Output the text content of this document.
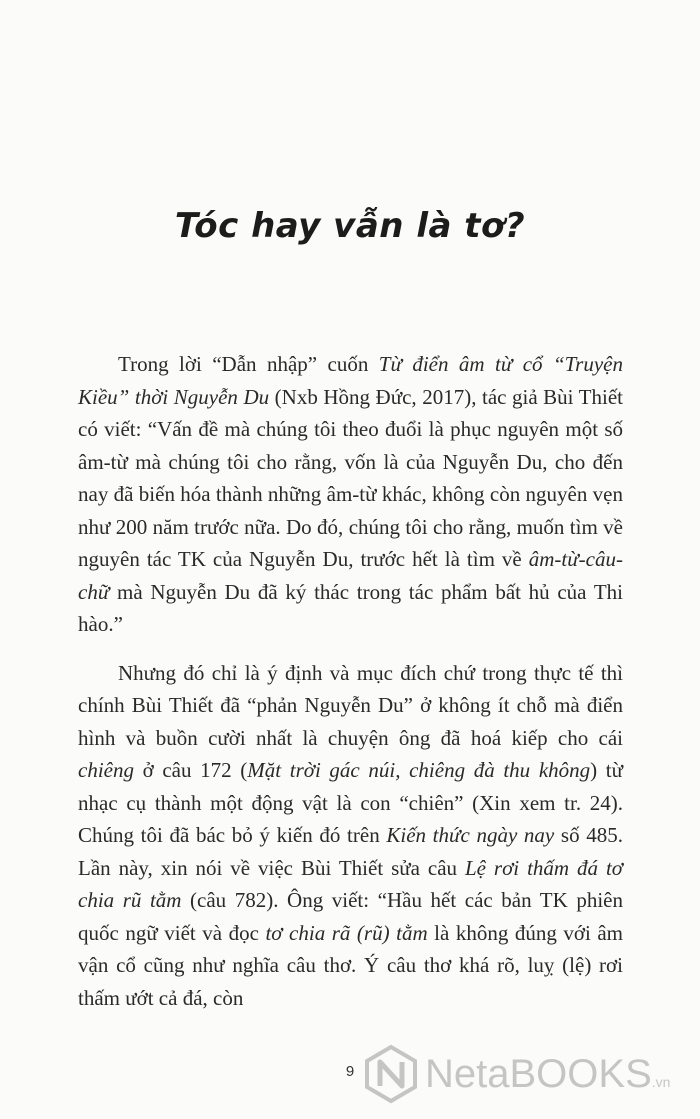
Tóc hay vẫn là tơ?

Trong lời “Dẫn nhập” cuốn Từ điển âm từ cổ “Truyện Kiều” thời Nguyễn Du (Nxb Hồng Đức, 2017), tác giả Bùi Thiết có viết: “Vấn đề mà chúng tôi theo đuổi là phục nguyên một số âm-từ mà chúng tôi cho rằng, vốn là của Nguyễn Du, cho đến nay đã biến hóa thành những âm-từ khác, không còn nguyên vẹn như 200 năm trước nữa. Do đó, chúng tôi cho rằng, muốn tìm về nguyên tác TK của Nguyễn Du, trước hết là tìm về âm-từ-câu-chữ mà Nguyễn Du đã ký thác trong tác phẩm bất hủ của Thi hào.”

Nhưng đó chỉ là ý định và mục đích chứ trong thực tế thì chính Bùi Thiết đã “phản Nguyễn Du” ở không ít chỗ mà điển hình và buồn cười nhất là chuyện ông đã hoá kiếp cho cái chiêng ở câu 172 (Mặt trời gác núi, chiêng đà thu không) từ nhạc cụ thành một động vật là con “chiên” (Xin xem tr. 24). Chúng tôi đã bác bỏ ý kiến đó trên Kiến thức ngày nay số 485. Lần này, xin nói về việc Bùi Thiết sửa câu Lệ rơi thấm đá tơ chia rũ tằm (câu 782). Ông viết: “Hầu hết các bản TK phiên quốc ngữ viết và đọc tơ chia rã (rũ) tằm là không đúng với âm vận cổ cũng như nghĩa câu thơ. Ý câu thơ khá rõ, luỵ (lệ) rơi thấm ướt cả đá, còn

9	NetaBOOKS.vn
